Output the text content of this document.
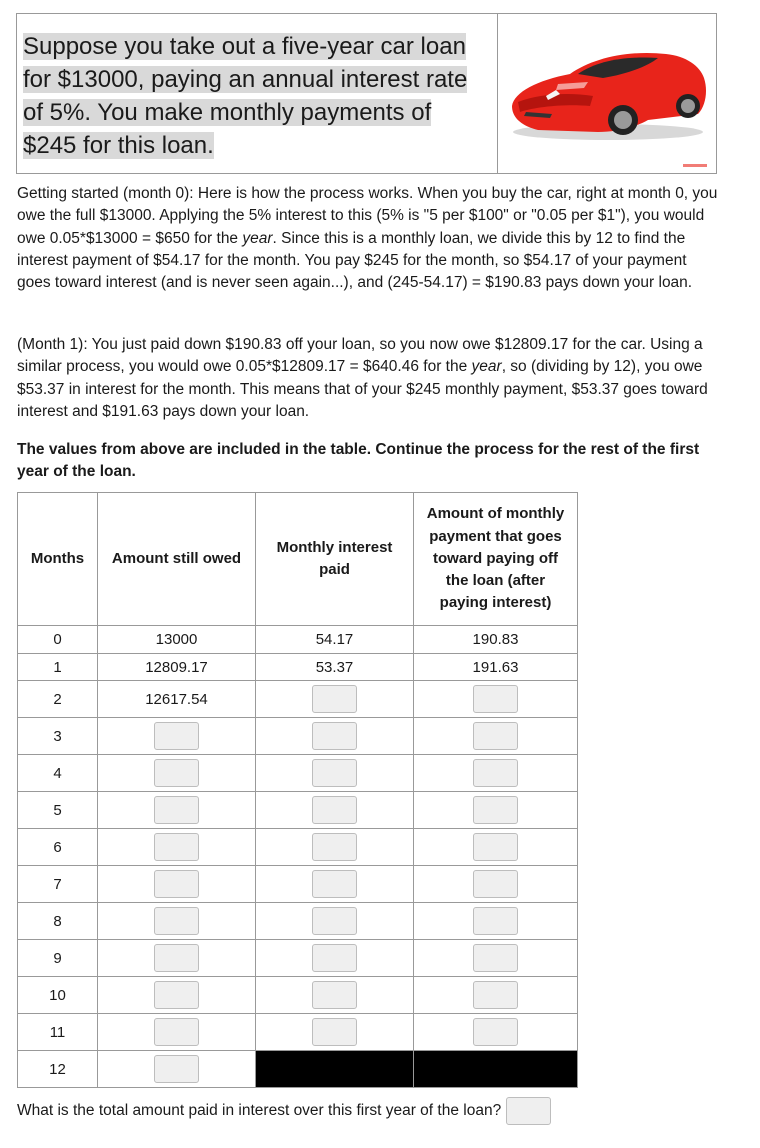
Suppose you take out a five-year car loan
for $13000, paying an annual interest rate
of 5%. You make monthly payments of
$245 for this loan.
Getting started (month 0): Here is how the process works. When you buy the car, right at month 0, you owe the full $13000. Applying the 5% interest to this (5% is "5 per $100" or "0.05 per $1"), you would owe 0.05*$13000 = $650 for the year. Since this is a monthly loan, we divide this by 12 to find the interest payment of $54.17 for the month. You pay $245 for the month, so $54.17 of your payment goes toward interest (and is never seen again...), and (245-54.17) = $190.83 pays down your loan.
(Month 1): You just paid down $190.83 off your loan, so you now owe $12809.17 for the car. Using a similar process, you would owe 0.05*$12809.17 = $640.46 for the year, so (dividing by 12), you owe $53.37 in interest for the month. This means that of your $245 monthly payment, $53.37 goes toward interest and $191.63 pays down your loan.
The values from above are included in the table. Continue the process for the rest of the first year of the loan.
Months	Amount still owed	Monthly interest paid	Amount of monthly payment that goes toward paying off the loan (after paying interest)
0	13000	54.17	190.83
1	12809.17	53.37	191.63
2	12617.54		
3			
4			
5			
6			
7			
8			
9			
10			
11			
12			
What is the total amount paid in interest over this first year of the loan?
